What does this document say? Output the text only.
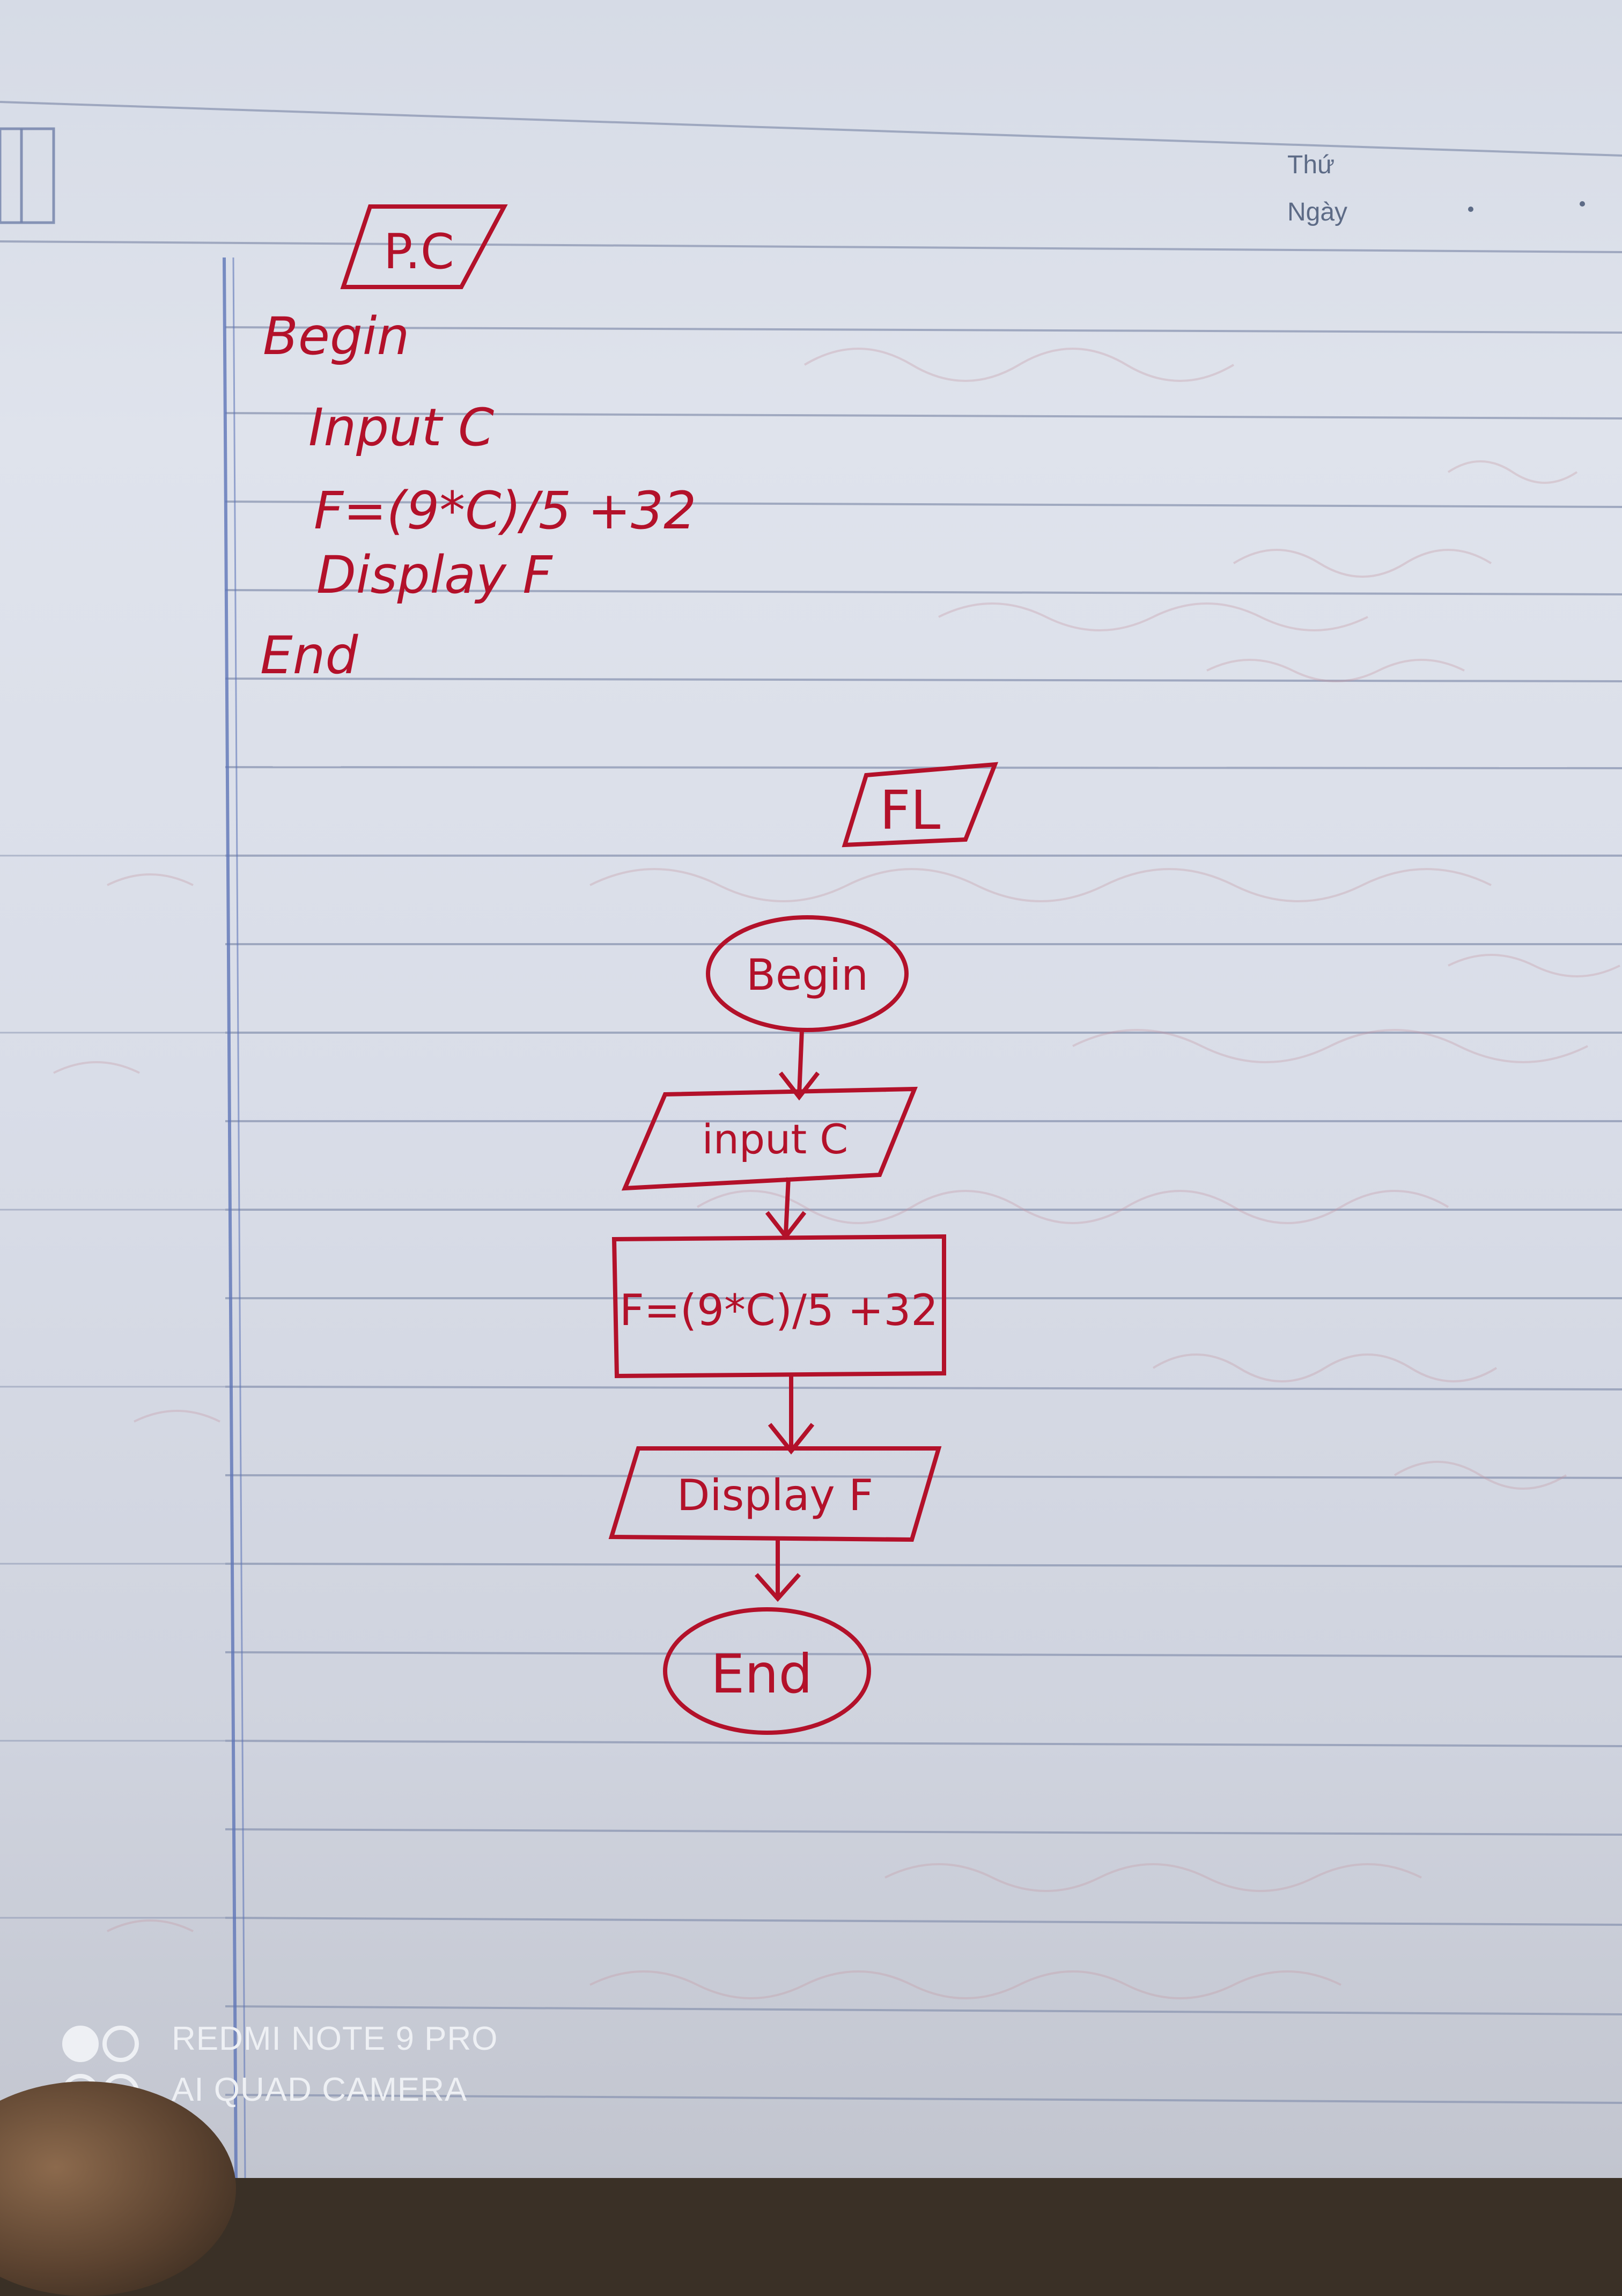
Thứ
Ngày
P.C
Begin
Input C
F=(9*C)/5 +32
Display F
End
FL
Begin
input C
F=(9*C)/5 +32
Display F
End
REDMI NOTE 9 PRO
AI QUAD CAMERA
